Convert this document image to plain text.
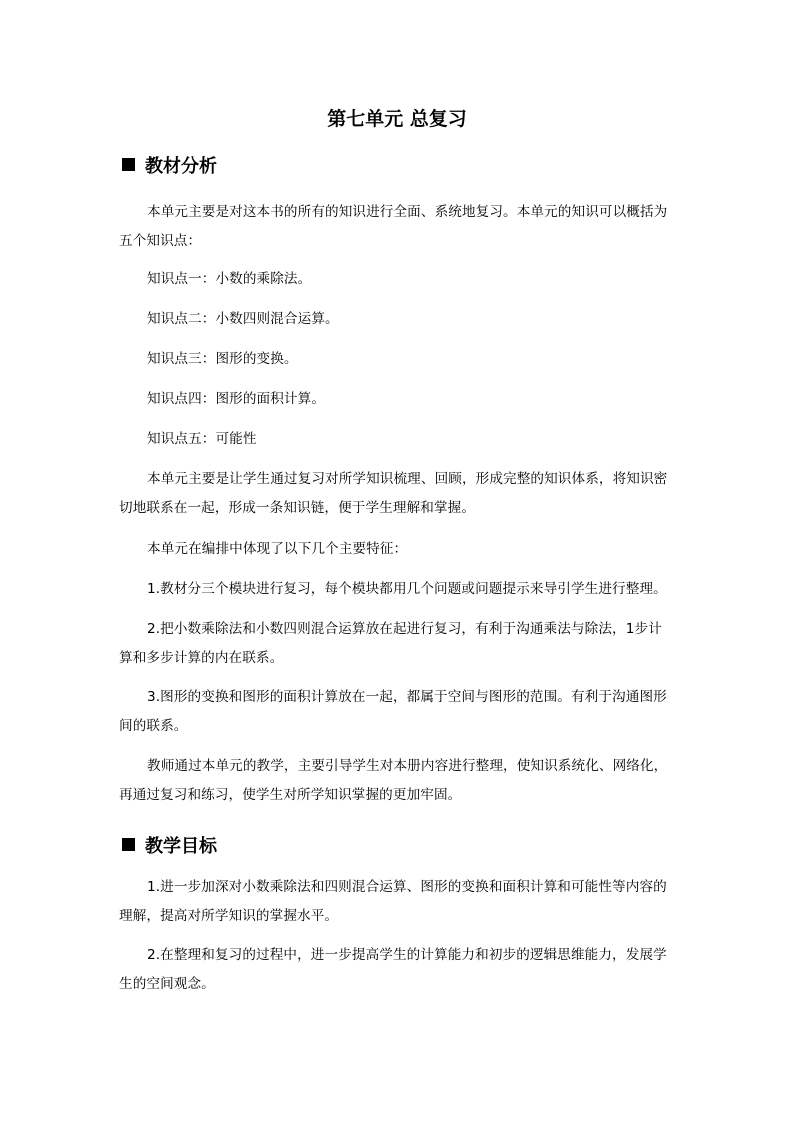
第七单元 总复习
教材分析
本单元主要是对这本书的所有的知识进行全面、系统地复习。本单元的知识可以概括为
五个知识点：
知识点一：小数的乘除法。
知识点二：小数四则混合运算。
知识点三：图形的变换。
知识点四：图形的面积计算。
知识点五：可能性
本单元主要是让学生通过复习对所学知识梳理、回顾，形成完整的知识体系，将知识密
切地联系在一起，形成一条知识链，便于学生理解和掌握。
本单元在编排中体现了以下几个主要特征：
1.教材分三个模块进行复习，每个模块都用几个问题或问题提示来导引学生进行整理。
2.把小数乘除法和小数四则混合运算放在起进行复习，有利于沟通乘法与除法，1步计
算和多步计算的内在联系。
3.图形的变换和图形的面积计算放在一起，都属于空间与图形的范围。有利于沟通图形
间的联系。
教师通过本单元的教学，主要引导学生对本册内容进行整理，使知识系统化、网络化，
再通过复习和练习，使学生对所学知识掌握的更加牢固。
教学目标
1.进一步加深对小数乘除法和四则混合运算、图形的变换和面积计算和可能性等内容的
理解，提高对所学知识的掌握水平。
2.在整理和复习的过程中，进一步提高学生的计算能力和初步的逻辑思维能力，发展学
生的空间观念。
